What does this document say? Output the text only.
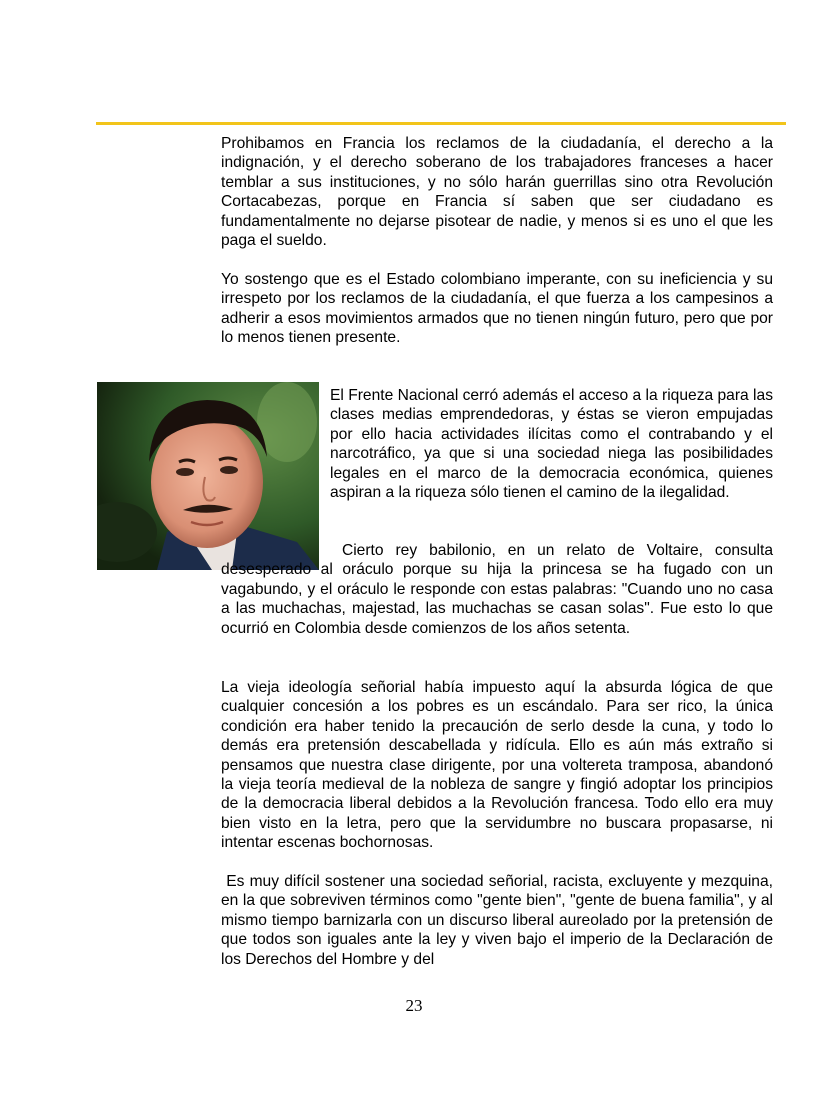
Prohibamos en Francia los reclamos de la ciudadanía, el derecho a la indignación, y el derecho soberano de los trabajadores franceses a hacer temblar a sus instituciones, y no sólo harán guerrillas sino otra Revolución Cortacabezas, porque en Francia sí saben que ser ciudadano es fundamentalmente no dejarse pisotear de nadie, y menos si es uno el que les paga el sueldo.

Yo sostengo que es el Estado colombiano imperante, con su ineficiencia y su irrespeto por los reclamos de la ciudadanía, el que fuerza a los campesinos a adherir a esos movimientos armados que no tienen ningún futuro, pero que por lo menos tienen presente.

El Frente Nacional cerró además el acceso a la riqueza para las clases medias emprendedoras, y éstas se vieron empujadas por ello hacia actividades ilícitas como el contrabando y el narcotráfico, ya que si una sociedad niega las posibilidades legales en el marco de la democracia económica, quienes aspiran a la riqueza sólo tienen el camino de la ilegalidad.

Cierto rey babilonio, en un relato de Voltaire, consulta desesperado al oráculo porque su hija la princesa se ha fugado con un vagabundo, y el oráculo le responde con estas palabras: "Cuando uno no casa a las muchachas, majestad, las muchachas se casan solas". Fue esto lo que ocurrió en Colombia desde comienzos de los años setenta.

La vieja ideología señorial había impuesto aquí la absurda lógica de que cualquier concesión a los pobres es un escándalo. Para ser rico, la única condición era haber tenido la precaución de serlo desde la cuna, y todo lo demás era pretensión descabellada y ridícula. Ello es aún más extraño si pensamos que nuestra clase dirigente, por una voltereta tramposa, abandonó la vieja teoría medieval de la nobleza de sangre y fingió adoptar los principios de la democracia liberal debidos a la Revolución francesa. Todo ello era muy bien visto en la letra, pero que la servidumbre no buscara propasarse, ni intentar escenas bochornosas.

Es muy difícil sostener una sociedad señorial, racista, excluyente y mezquina, en la que sobreviven términos como "gente bien", "gente de buena familia", y al mismo tiempo barnizarla con un discurso liberal aureolado por la pretensión de que todos son iguales ante la ley y viven bajo el imperio de la Declaración de los Derechos del Hombre y del

23
